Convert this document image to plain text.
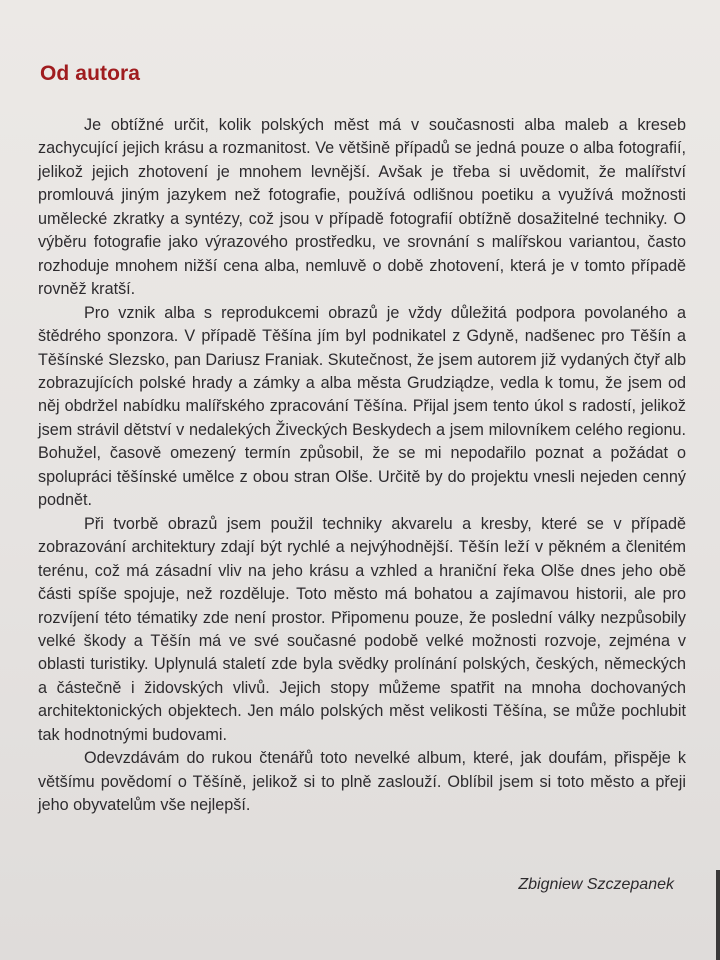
Od autora

Je obtížné určit, kolik polských měst má v současnosti alba maleb a kreseb zachycující jejich krásu a rozmanitost. Ve většině případů se jedná pouze o alba fotografií, jelikož jejich zhotovení je mnohem levnější. Avšak je třeba si uvědomit, že malířství promlouvá jiným jazykem než fotografie, používá odlišnou poetiku a využívá možnosti umělecké zkratky a syntézy, což jsou v případě fotografií obtížně dosažitelné techniky. O výběru fotografie jako výrazového prostředku, ve srovnání s malířskou variantou, často rozhoduje mnohem nižší cena alba, nemluvě o době zhotovení, která je v tomto případě rovněž kratší.

Pro vznik alba s reprodukcemi obrazů je vždy důležitá podpora povolaného a štědrého sponzora. V případě Těšína jím byl podnikatel z Gdyně, nadšenec pro Těšín a Těšínské Slezsko, pan Dariusz Franiak. Skutečnost, že jsem autorem již vydaných čtyř alb zobrazujících polské hrady a zámky a alba města Grudziądze, vedla k tomu, že jsem od něj obdržel nabídku malířského zpracování Těšína. Přijal jsem tento úkol s radostí, jelikož jsem strávil dětství v nedalekých Živeckých Beskydech a jsem milovníkem celého regionu. Bohužel, časově omezený termín způsobil, že se mi nepodařilo poznat a požádat o spolupráci těšínské umělce z obou stran Olše. Určitě by do projektu vnesli nejeden cenný podnět.

Při tvorbě obrazů jsem použil techniky akvarelu a kresby, které se v případě zobrazování architektury zdají být rychlé a nejvýhodnější. Těšín leží v pěkném a členitém terénu, což má zásadní vliv na jeho krásu a vzhled a hraniční řeka Olše dnes jeho obě části spíše spojuje, než rozděluje. Toto město má bohatou a zajímavou historii, ale pro rozvíjení této tématiky zde není prostor. Připomenu pouze, že poslední války nezpůsobily velké škody a Těšín má ve své současné podobě velké možnosti rozvoje, zejména v oblasti turistiky. Uplynulá staletí zde byla svědky prolínání polských, českých, německých a částečně i židovských vlivů. Jejich stopy můžeme spatřit na mnoha dochovaných architektonických objektech. Jen málo polských měst velikosti Těšína, se může pochlubit tak hodnotnými budovami.

Odevzdávám do rukou čtenářů toto nevelké album, které, jak doufám, přispěje k většímu povědomí o Těšíně, jelikož si to plně zaslouží. Oblíbil jsem si toto město a přeji jeho obyvatelům vše nejlepší.

Zbigniew Szczepanek
